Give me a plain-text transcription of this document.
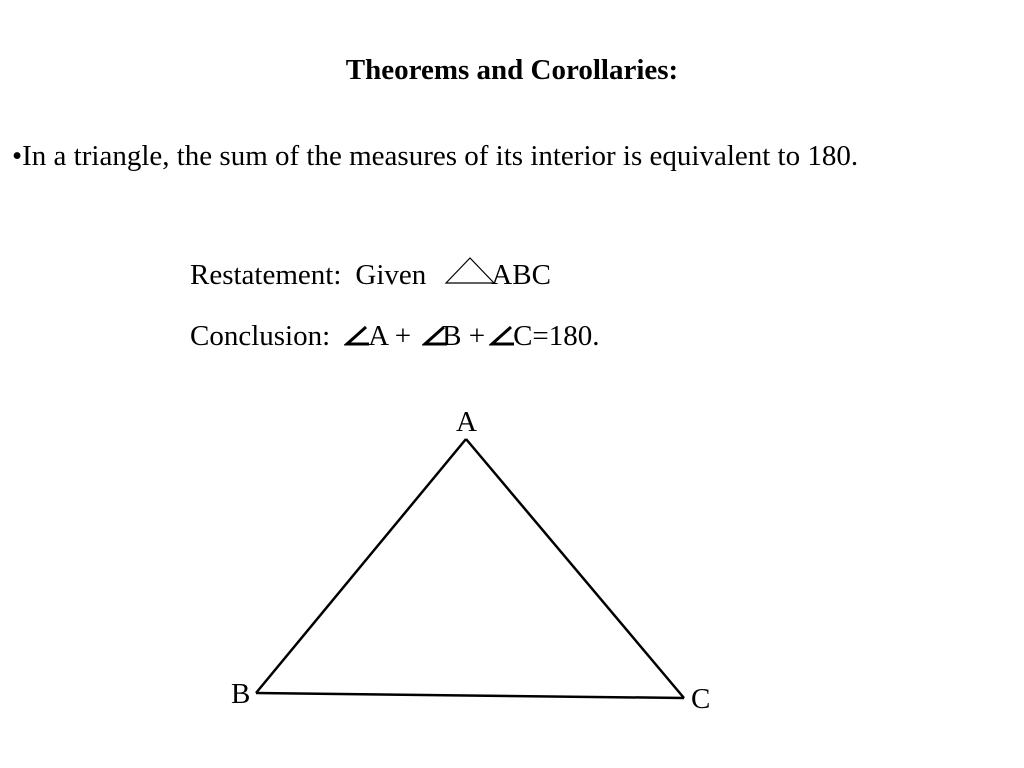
Theorems and Corollaries:
•In a triangle, the sum of the measures of its interior is equivalent to 180.
Restatement: Given ABC
Conclusion: A + B + C=180.
A
B	C
